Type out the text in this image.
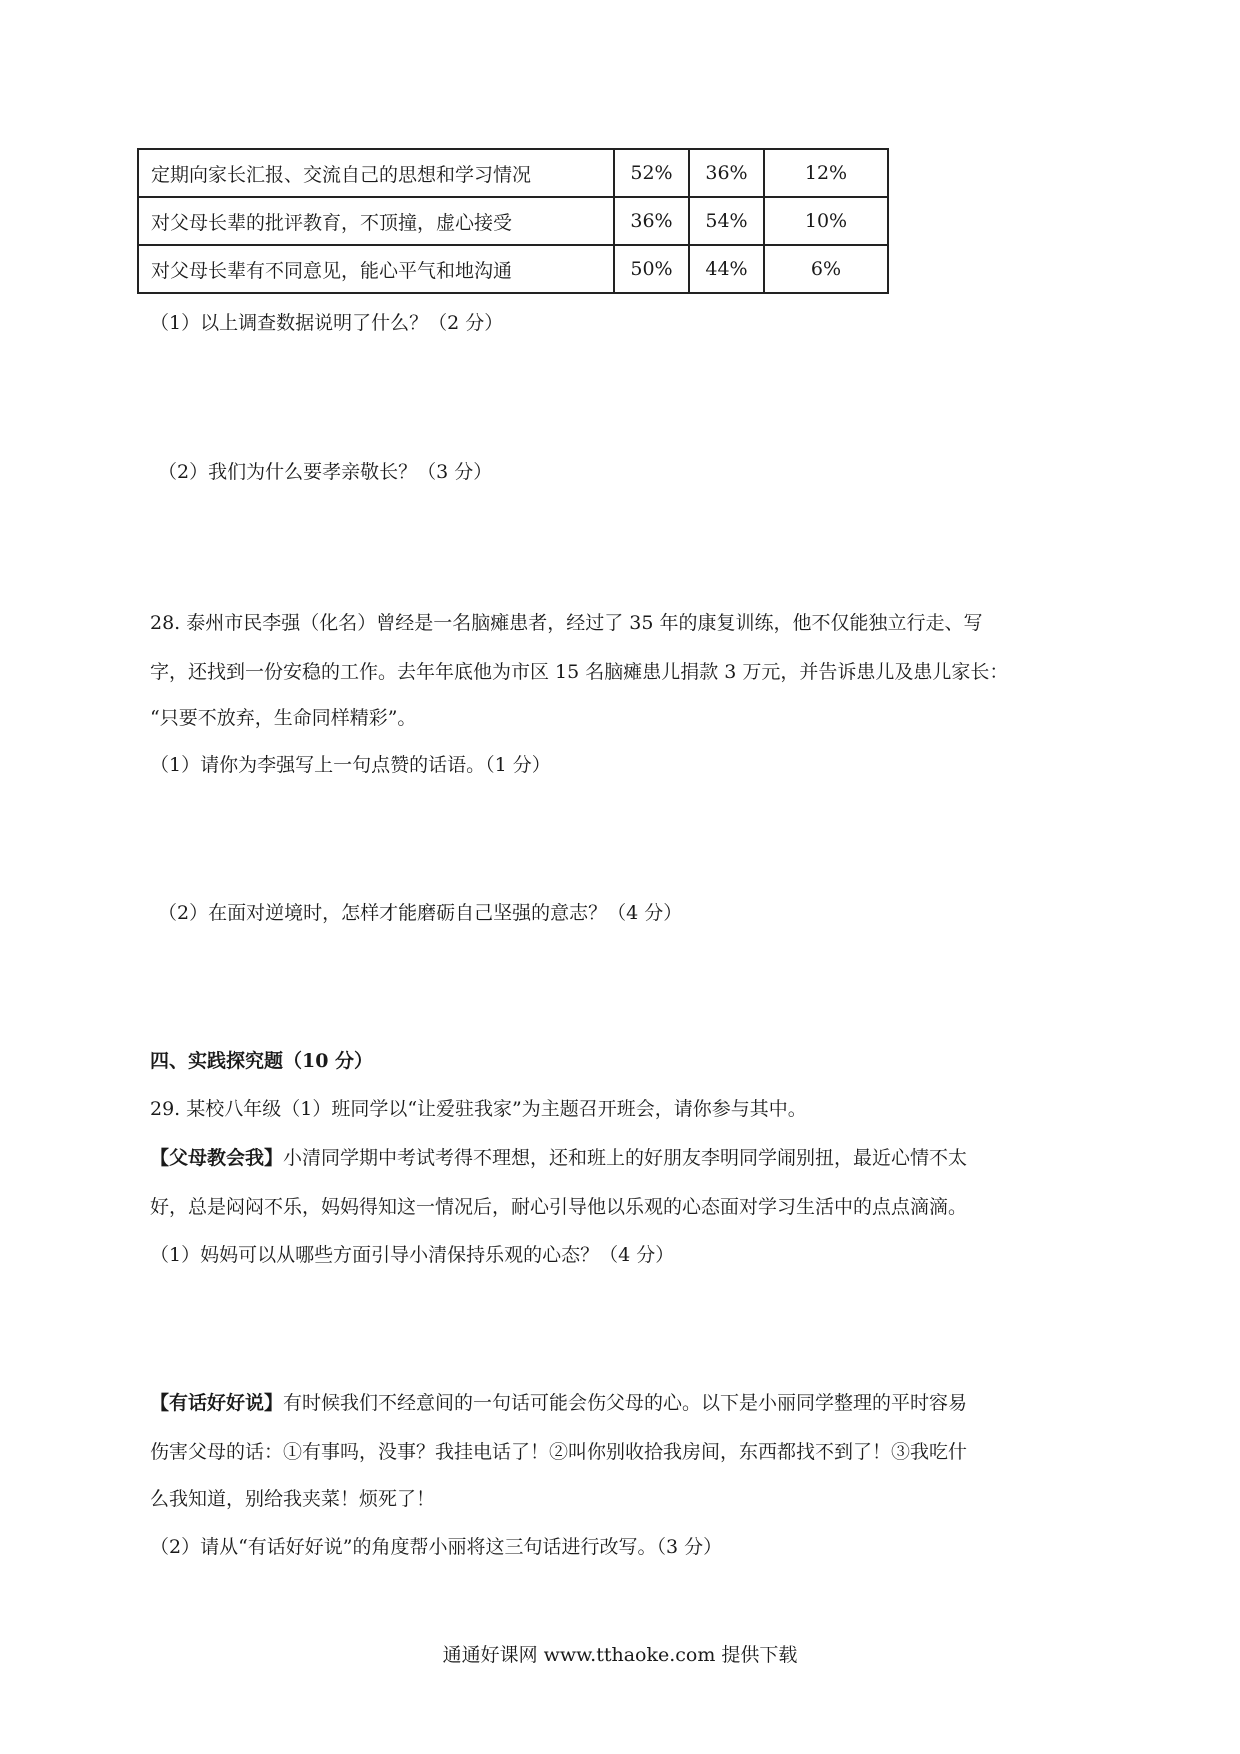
定期向家长汇报、交流自己的思想和学习情况	52%	36%	12%
对父母长辈的批评教育，不顶撞，虚心接受	36%	54%	10%
对父母长辈有不同意见，能心平气和地沟通	50%	44%	6%
（1）以上调查数据说明了什么？（2 分）
（2）我们为什么要孝亲敬长？（3 分）
28. 泰州市民李强（化名）曾经是一名脑瘫患者，经过了 35 年的康复训练，他不仅能独立行走、写
字，还找到一份安稳的工作。去年年底他为市区 15 名脑瘫患儿捐款 3 万元，并告诉患儿及患儿家长：
“只要不放弃，生命同样精彩”。
（1）请你为李强写上一句点赞的话语。（1 分）
（2）在面对逆境时，怎样才能磨砺自己坚强的意志？（4 分）
四、实践探究题（10 分）
29. 某校八年级（1）班同学以“让爱驻我家”为主题召开班会，请你参与其中。
【父母教会我】小清同学期中考试考得不理想，还和班上的好朋友李明同学闹别扭，最近心情不太
好，总是闷闷不乐，妈妈得知这一情况后，耐心引导他以乐观的心态面对学习生活中的点点滴滴。
（1）妈妈可以从哪些方面引导小清保持乐观的心态？（4 分）
【有话好好说】有时候我们不经意间的一句话可能会伤父母的心。以下是小丽同学整理的平时容易
伤害父母的话：①有事吗，没事？我挂电话了！②叫你别收拾我房间，东西都找不到了！③我吃什
么我知道，别给我夹菜！烦死了！
（2）请从“有话好好说”的角度帮小丽将这三句话进行改写。（3 分）
通通好课网 www.tthaoke.com 提供下载
